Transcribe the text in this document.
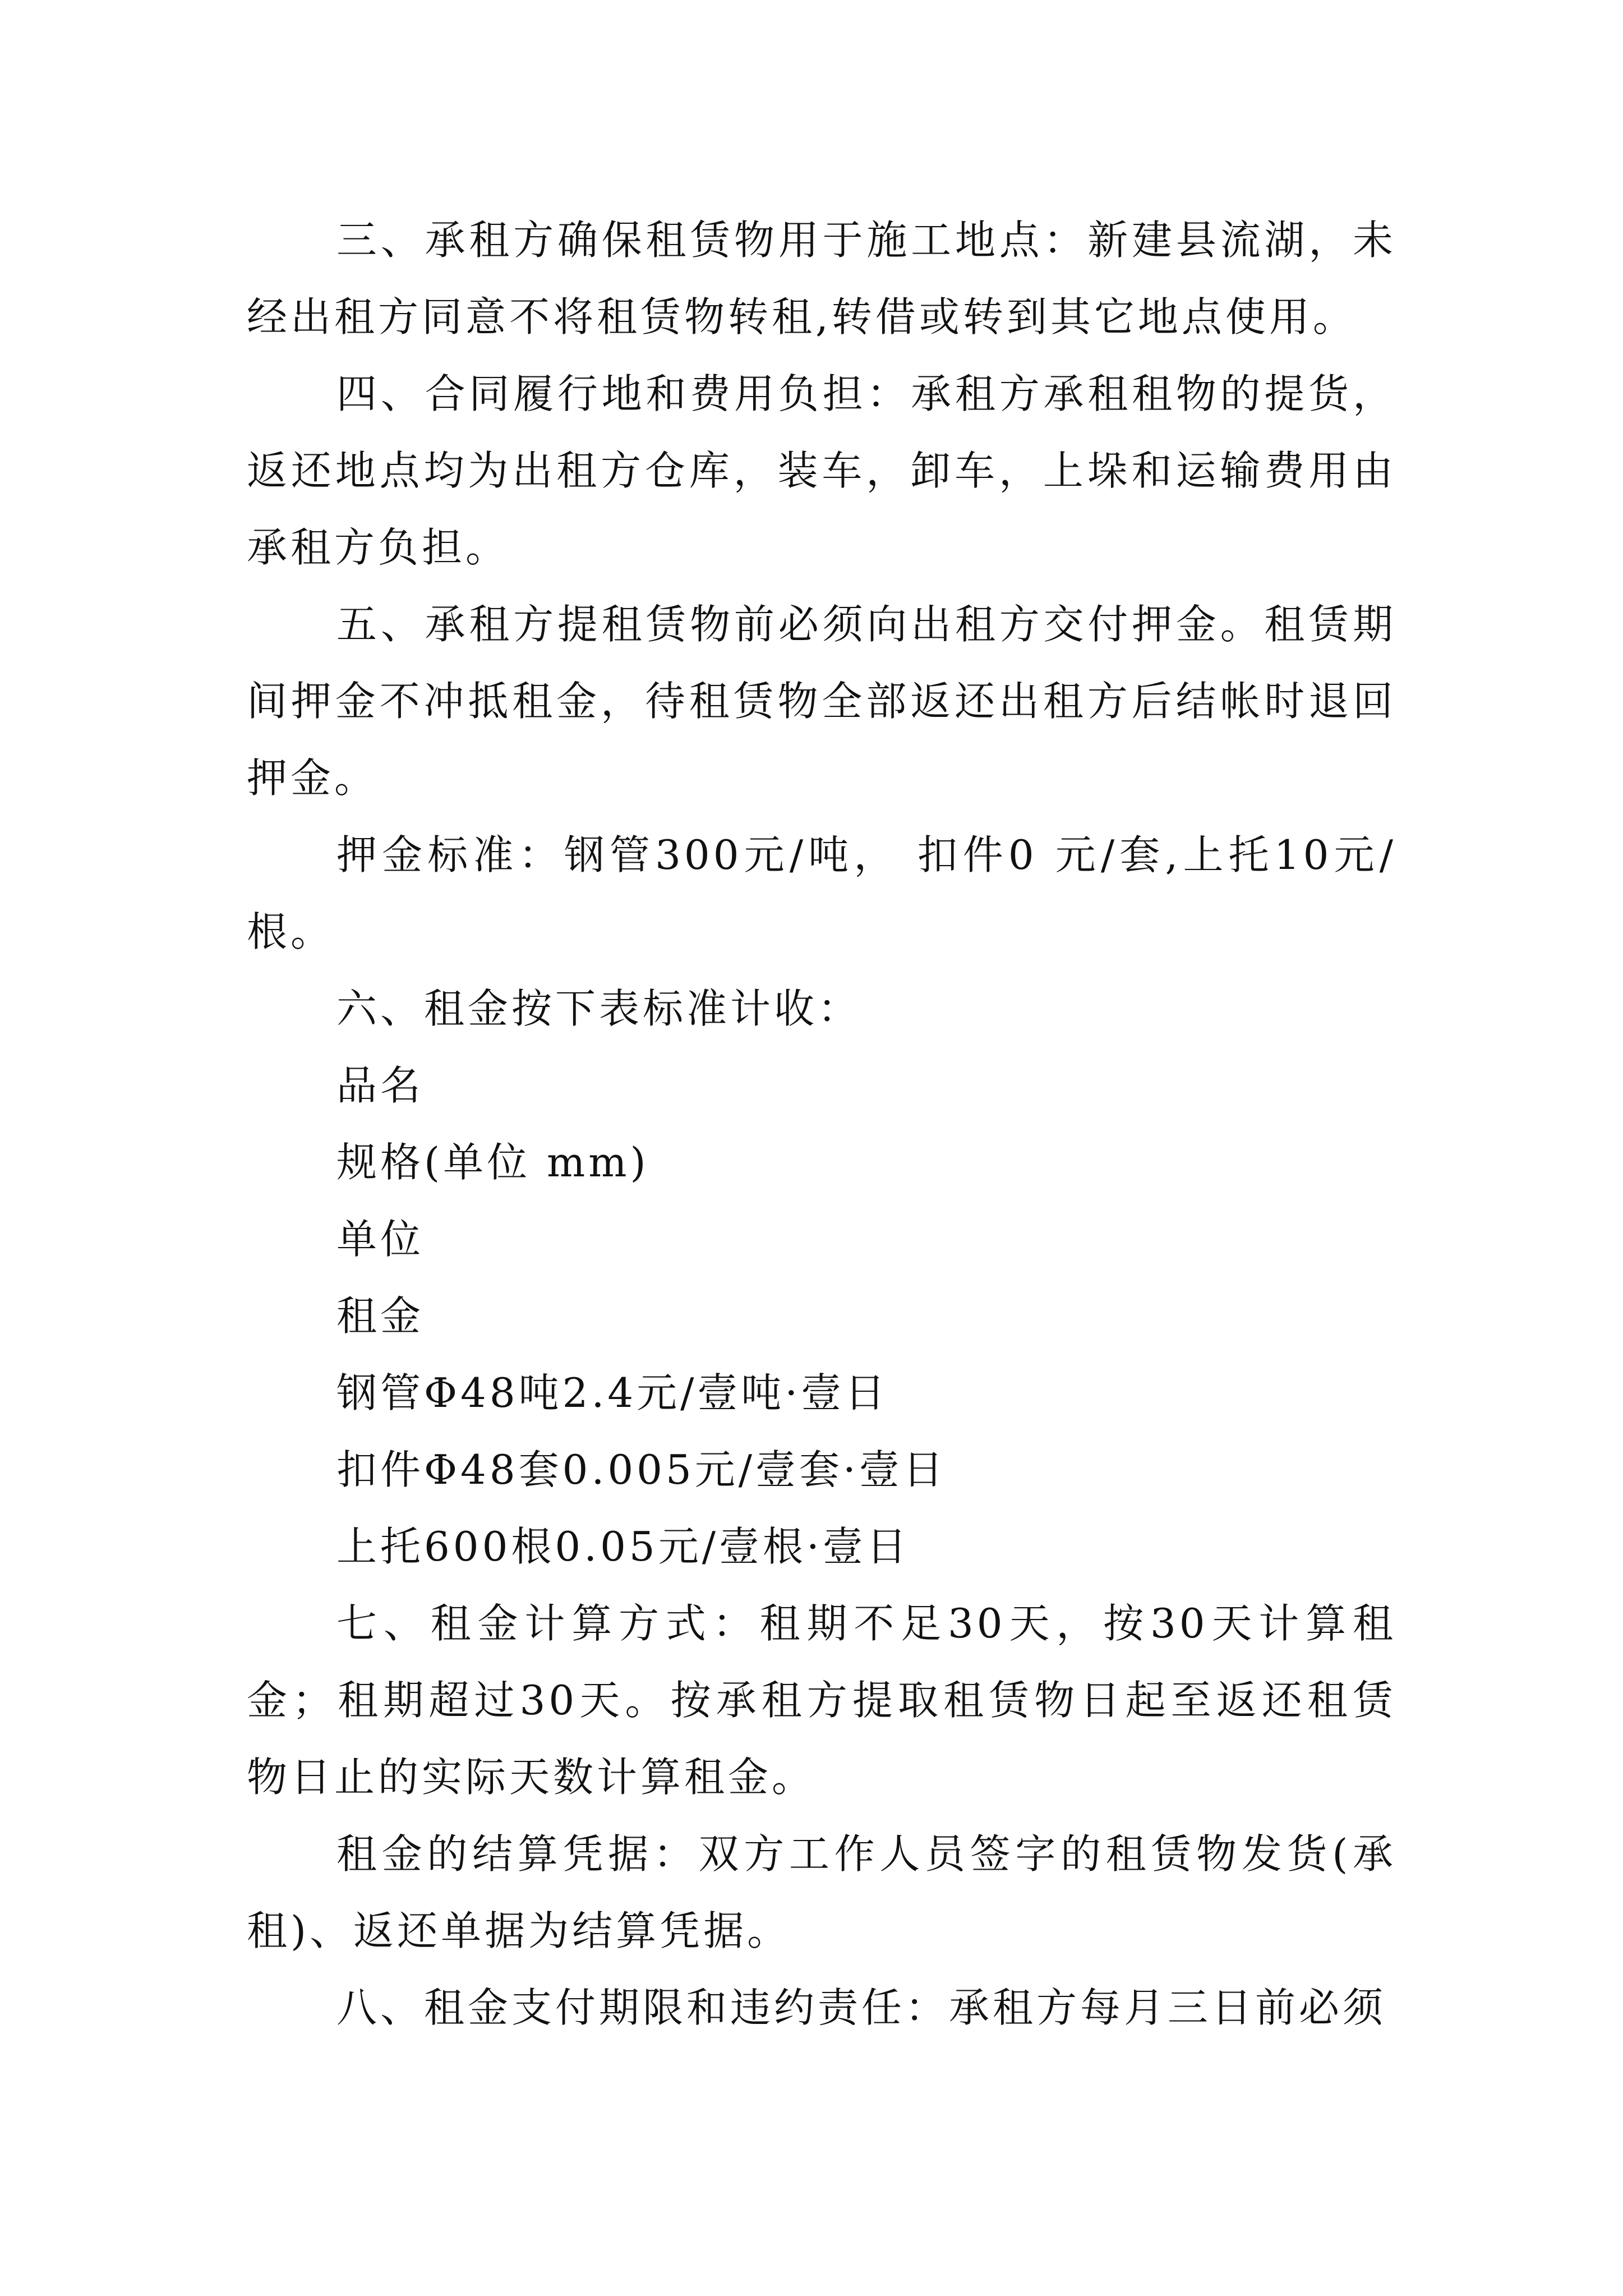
三、承租方确保租赁物用于施工地点：新建县流湖，未经出租方同意不将租赁物转租,转借或转到其它地点使用。

四、合同履行地和费用负担：承租方承租租物的提货，返还地点均为出租方仓库，装车，卸车，上垛和运输费用由承租方负担。

五、承租方提租赁物前必须向出租方交付押金。租赁期间押金不冲抵租金，待租赁物全部返还出租方后结帐时退回押金。

押金标准：钢管300元/吨， 扣件0 元/套,上托10元/根。

六、租金按下表标准计收：

品名

规格(单位 mm)

单位

租金

钢管Φ48吨2.4元/壹吨·壹日

扣件Φ48套0.005元/壹套·壹日

上托600根0.05元/壹根·壹日

七、租金计算方式：租期不足30天，按30天计算租金；租期超过30天。按承租方提取租赁物日起至返还租赁物日止的实际天数计算租金。

租金的结算凭据：双方工作人员签字的租赁物发货(承租)、返还单据为结算凭据。

八、租金支付期限和违约责任：承租方每月三日前必须
